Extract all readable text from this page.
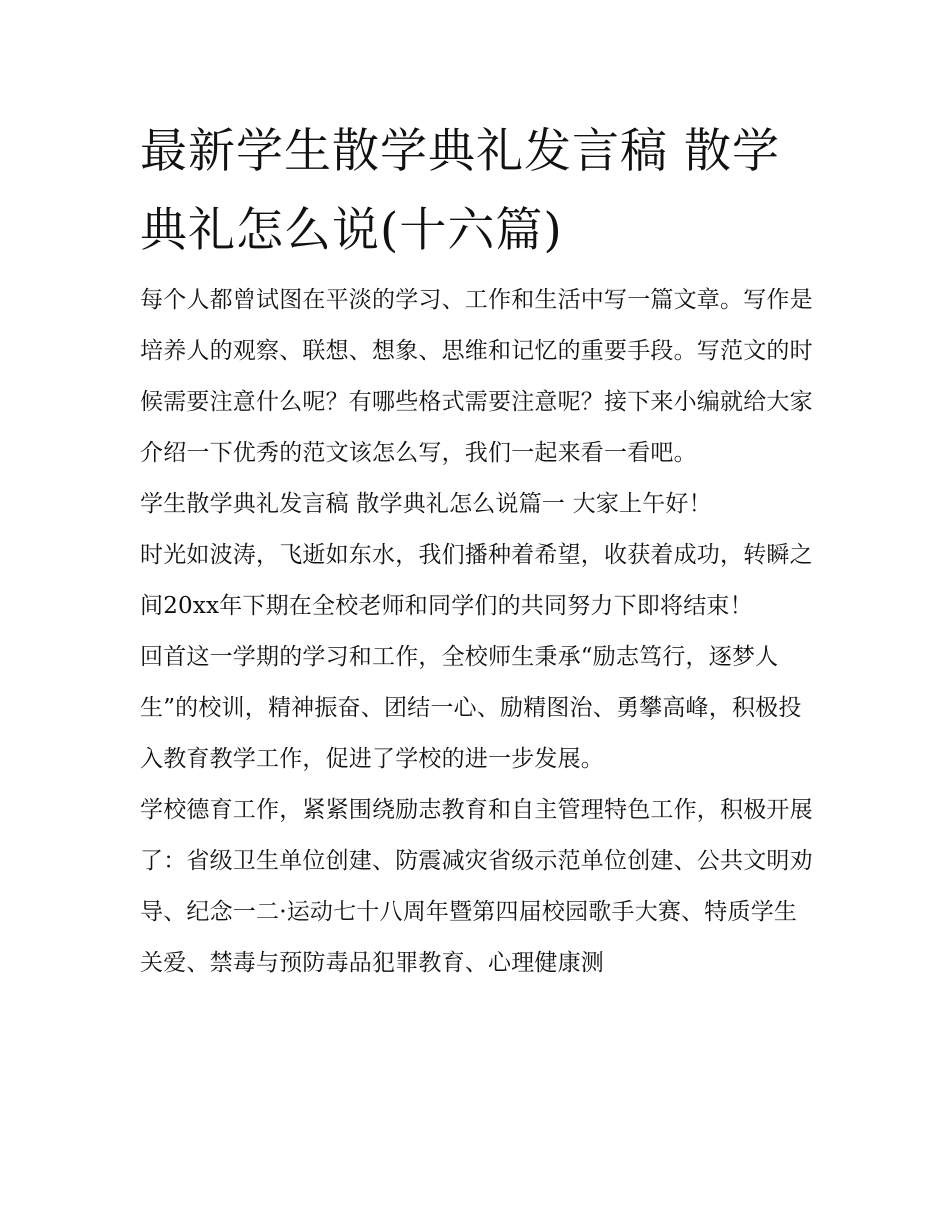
最新学生散学典礼发言稿 散学典礼怎么说(十六篇)

每个人都曾试图在平淡的学习、工作和生活中写一篇文章。写作是培养人的观察、联想、想象、思维和记忆的重要手段。写范文的时候需要注意什么呢？有哪些格式需要注意呢？接下来小编就给大家介绍一下优秀的范文该怎么写，我们一起来看一看吧。

学生散学典礼发言稿 散学典礼怎么说篇一 大家上午好！

时光如波涛，飞逝如东水，我们播种着希望，收获着成功，转瞬之间20xx年下期在全校老师和同学们的共同努力下即将结束！

回首这一学期的学习和工作，全校师生秉承“励志笃行，逐梦人生”的校训，精神振奋、团结一心、励精图治、勇攀高峰，积极投入教育教学工作，促进了学校的进一步发展。

学校德育工作，紧紧围绕励志教育和自主管理特色工作，积极开展了：省级卫生单位创建、防震减灾省级示范单位创建、公共文明劝导、纪念一二·运动七十八周年暨第四届校园歌手大赛、特质学生关爱、禁毒与预防毒品犯罪教育、心理健康测
